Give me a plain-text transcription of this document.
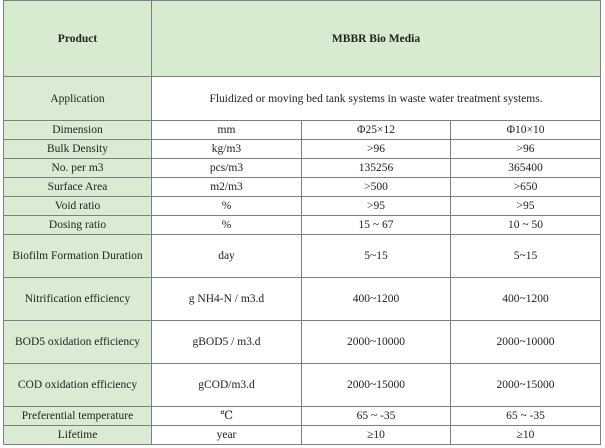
Product	MBBR Bio Media		
Application	Fluidized or moving bed tank systems in waste water treatment systems.		
Dimension	mm	Φ25×12	Φ10×10
Bulk Density	kg/m3	>96	>96
No. per m3	pcs/m3	135256	365400
Surface Area	m2/m3	>500	>650
Void ratio	%	>95	>95
Dosing ratio	%	15 ~ 67	10 ~ 50
Biofilm Formation Duration	day	5~15	5~15
Nitrification efficiency	g NH4-N / m3.d	400~1200	400~1200
BOD5 oxidation efficiency	gBOD5 / m3.d	2000~10000	2000~10000
COD oxidation efficiency	gCOD/m3.d	2000~15000	2000~15000
Preferential temperature	℃	65 ~ -35	65 ~ -35
Lifetime	year	≥10	≥10
